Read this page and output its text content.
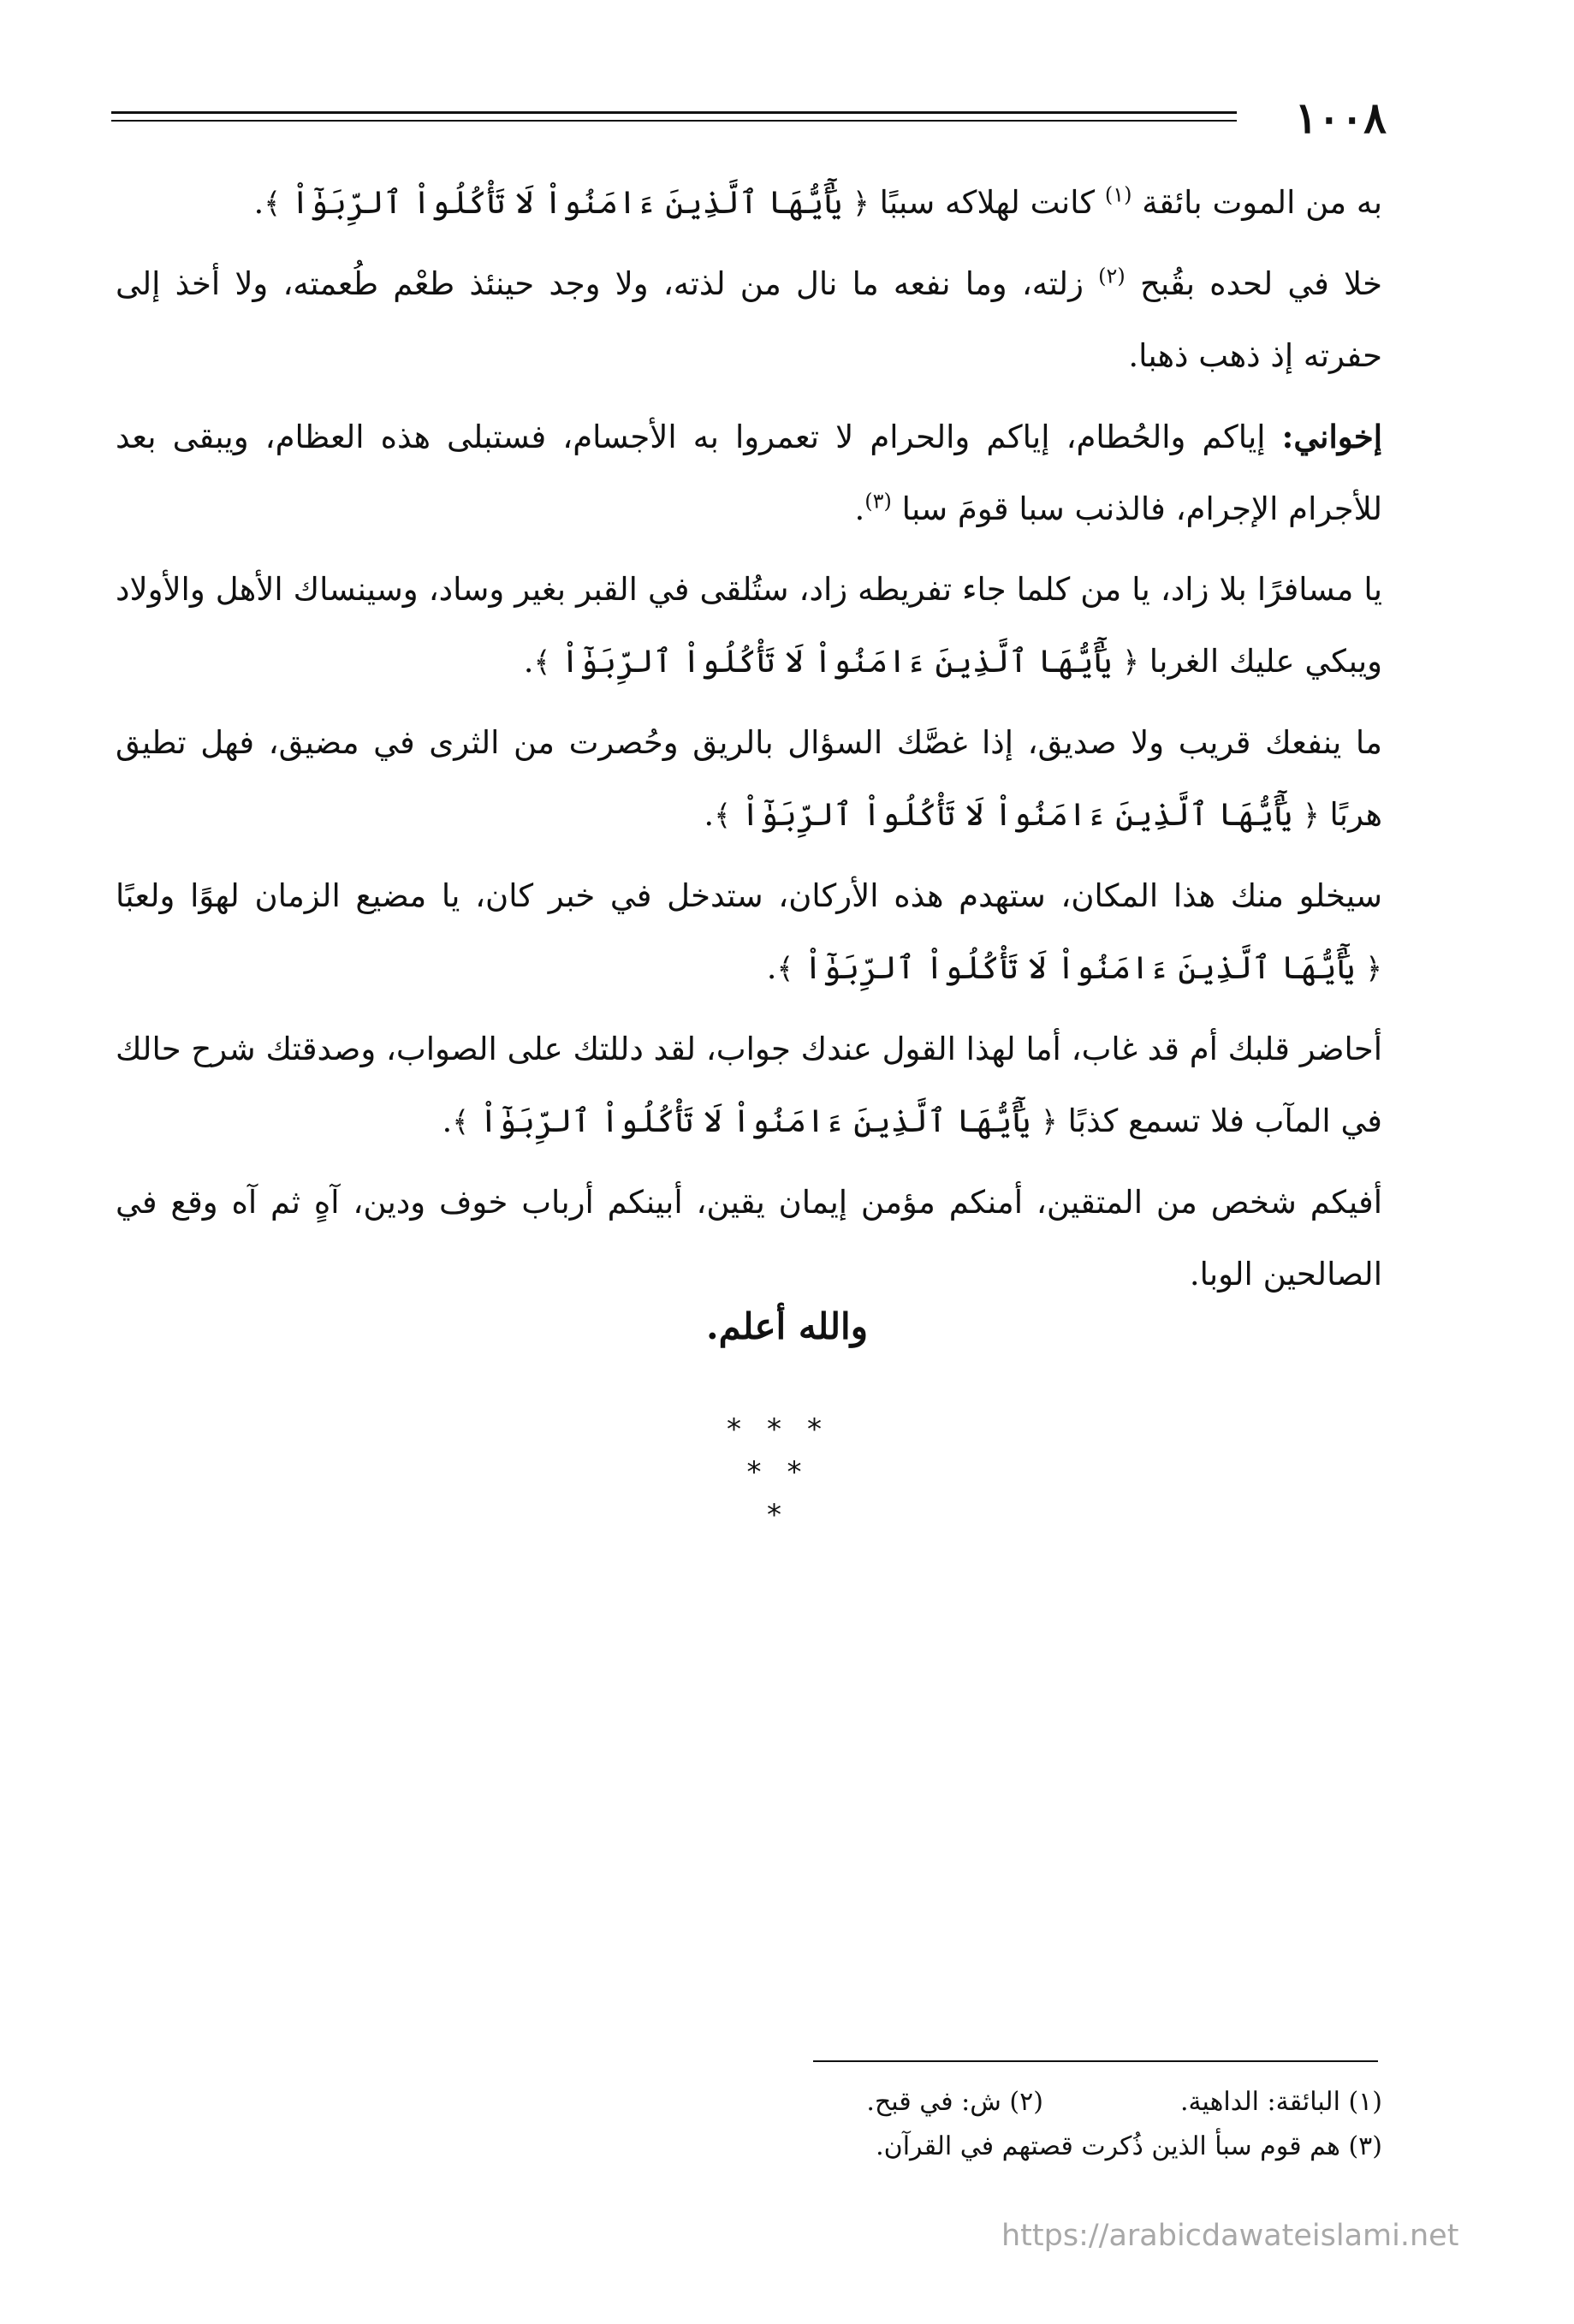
١٠٠٨

به من الموت بائقة $^{(١)}$ كانت لهلاكه سببًا ﴿ يَٰٓأَيُّهَا ٱلَّذِينَ ءَامَنُواْ لَا تَأْكُلُواْ ٱلرِّبَوٰٓاْ ﴾.

خلا في لحده بقُبح $^{(٢)}$ زلته، وما نفعه ما نال من لذته، ولا وجد حينئذ طعْم طُعمته، ولا أخذ إلى حفرته إذ ذهب ذهبا.

إخواني: إياكم والحُطام، إياكم والحرام لا تعمروا به الأجسام، فستبلى هذه العظام، ويبقى بعد للأجرام الإجرام، فالذنب سبا قومَ سبا $^{(٣)}$.

يا مسافرًا بلا زاد، يا من كلما جاء تفريطه زاد، ستُلقى في القبر بغير وساد، وسينساك الأهل والأولاد ويبكي عليك الغربا ﴿ يَٰٓأَيُّهَا ٱلَّذِينَ ءَامَنُواْ لَا تَأْكُلُواْ ٱلرِّبَوٰٓاْ ﴾.

ما ينفعك قريب ولا صديق، إذا غصَّك السؤال بالريق وحُصرت من الثرى في مضيق، فهل تطيق هربًا ﴿ يَٰٓأَيُّهَا ٱلَّذِينَ ءَامَنُواْ لَا تَأْكُلُواْ ٱلرِّبَوٰٓاْ ﴾.

سيخلو منك هذا المكان، ستهدم هذه الأركان، ستدخل في خبر كان، يا مضيع الزمان لهوًا ولعبًا ﴿ يَٰٓأَيُّهَا ٱلَّذِينَ ءَامَنُواْ لَا تَأْكُلُواْ ٱلرِّبَوٰٓاْ ﴾.

أحاضر قلبك أم قد غاب، أما لهذا القول عندك جواب، لقد دللتك على الصواب، وصدقتك شرح حالك في المآب فلا تسمع كذبًا ﴿ يَٰٓأَيُّهَا ٱلَّذِينَ ءَامَنُواْ لَا تَأْكُلُواْ ٱلرِّبَوٰٓاْ ﴾.

أفيكم شخص من المتقين، أمنكم مؤمن إيمان يقين، أبينكم أرباب خوف ودين، آهٍ ثم آه وقع في الصالحين الوبا.

والله أعلم.
***
**
*
(١) البائقة: الداهية.
(٢) ش: في قبح.
(٣) هم قوم سبأ الذين ذُكرت قصتهم في القرآن.
https://arabicdawateislami.net
